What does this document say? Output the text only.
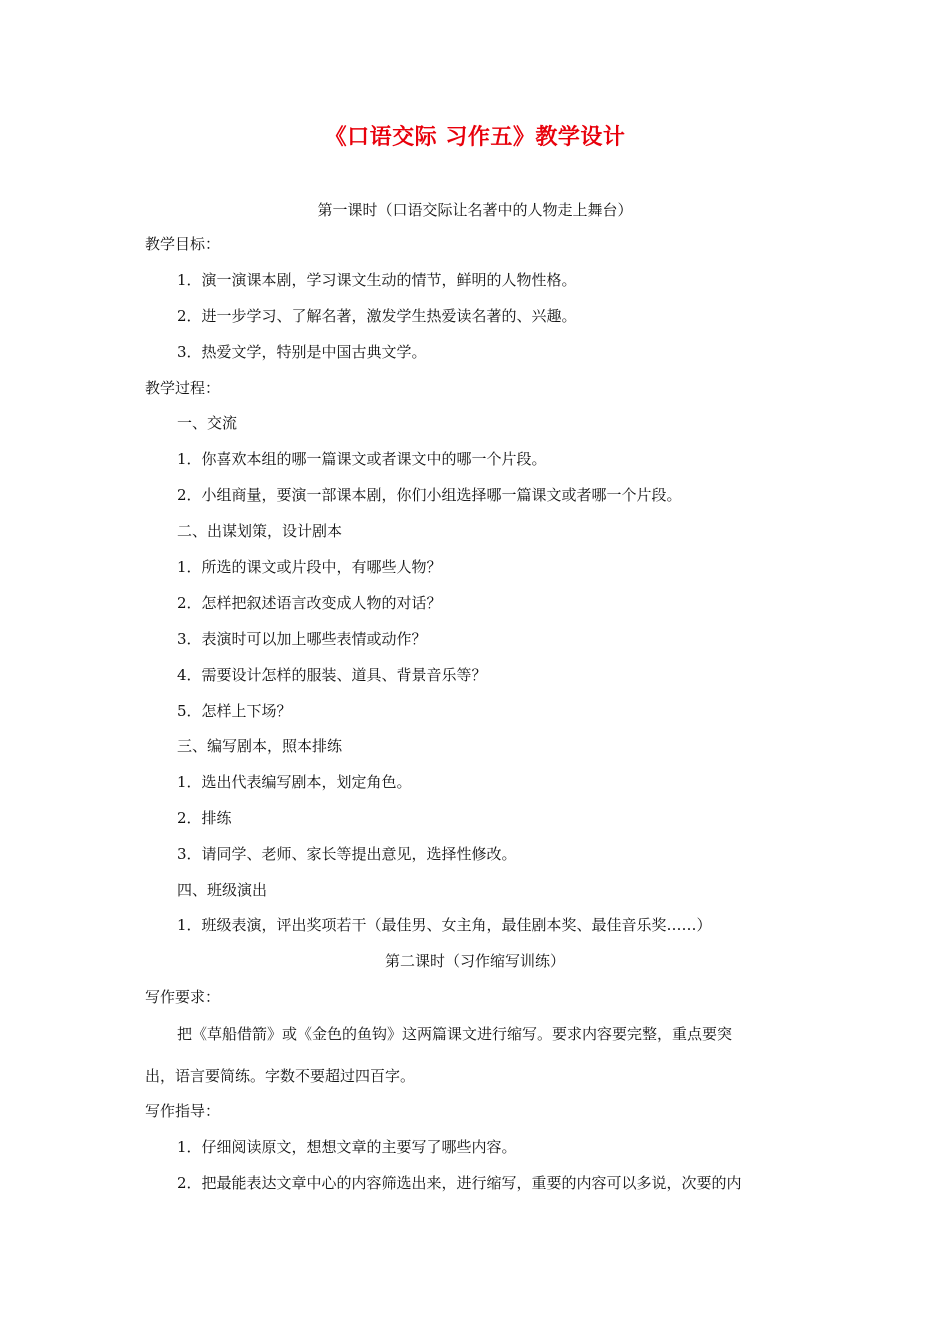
《口语交际 习作五》教学设计
第一课时（口语交际让名著中的人物走上舞台）
教学目标：
1．演一演课本剧，学习课文生动的情节，鲜明的人物性格。
2．进一步学习、了解名著，激发学生热爱读名著的、兴趣。
3．热爱文学，特别是中国古典文学。
教学过程：
一、交流
1．你喜欢本组的哪一篇课文或者课文中的哪一个片段。
2．小组商量，要演一部课本剧，你们小组选择哪一篇课文或者哪一个片段。
二、出谋划策，设计剧本
1．所选的课文或片段中，有哪些人物？
2．怎样把叙述语言改变成人物的对话？
3．表演时可以加上哪些表情或动作？
4．需要设计怎样的服装、道具、背景音乐等？
5．怎样上下场？
三、编写剧本，照本排练
1．选出代表编写剧本，划定角色。
2．排练
3．请同学、老师、家长等提出意见，选择性修改。
四、班级演出
1．班级表演，评出奖项若干（最佳男、女主角，最佳剧本奖、最佳音乐奖……）
第二课时（习作缩写训练）
写作要求：
把《草船借箭》或《金色的鱼钩》这两篇课文进行缩写。要求内容要完整，重点要突
出，语言要简练。字数不要超过四百字。
写作指导：
1．仔细阅读原文，想想文章的主要写了哪些内容。
2．把最能表达文章中心的内容筛选出来，进行缩写，重要的内容可以多说，次要的内
